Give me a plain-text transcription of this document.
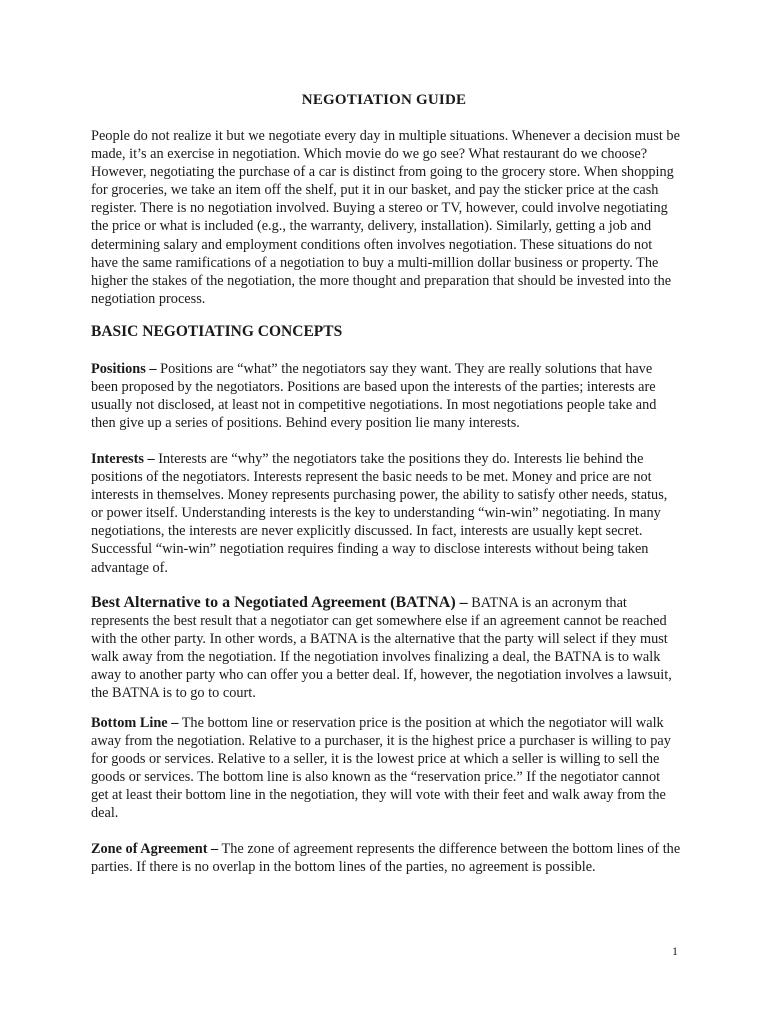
NEGOTIATION GUIDE

People do not realize it but we negotiate every day in multiple situations. Whenever a decision must be made, it’s an exercise in negotiation. Which movie do we go see? What restaurant do we choose? However, negotiating the purchase of a car is distinct from going to the grocery store. When shopping for groceries, we take an item off the shelf, put it in our basket, and pay the sticker price at the cash register. There is no negotiation involved. Buying a stereo or TV, however, could involve negotiating the price or what is included (e.g., the warranty, delivery, installation). Similarly, getting a job and determining salary and employment conditions often involves negotiation. These situations do not have the same ramifications of a negotiation to buy a multi-million dollar business or property. The higher the stakes of the negotiation, the more thought and preparation that should be invested into the negotiation process.

BASIC NEGOTIATING CONCEPTS

Positions – Positions are “what” the negotiators say they want. They are really solutions that have been proposed by the negotiators. Positions are based upon the interests of the parties; interests are usually not disclosed, at least not in competitive negotiations. In most negotiations people take and then give up a series of positions. Behind every position lie many interests.

Interests – Interests are “why” the negotiators take the positions they do. Interests lie behind the positions of the negotiators. Interests represent the basic needs to be met. Money and price are not interests in themselves. Money represents purchasing power, the ability to satisfy other needs, status, or power itself. Understanding interests is the key to understanding “win-win” negotiating. In many negotiations, the interests are never explicitly discussed. In fact, interests are usually kept secret. Successful “win-win” negotiation requires finding a way to disclose interests without being taken advantage of.

Best Alternative to a Negotiated Agreement (BATNA) – BATNA is an acronym that represents the best result that a negotiator can get somewhere else if an agreement cannot be reached with the other party. In other words, a BATNA is the alternative that the party will select if they must walk away from the negotiation. If the negotiation involves finalizing a deal, the BATNA is to walk away to another party who can offer you a better deal. If, however, the negotiation involves a lawsuit, the BATNA is to go to court.

Bottom Line – The bottom line or reservation price is the position at which the negotiator will walk away from the negotiation. Relative to a purchaser, it is the highest price a purchaser is willing to pay for goods or services. Relative to a seller, it is the lowest price at which a seller is willing to sell the goods or services. The bottom line is also known as the “reservation price.” If the negotiator cannot get at least their bottom line in the negotiation, they will vote with their feet and walk away from the deal.

Zone of Agreement – The zone of agreement represents the difference between the bottom lines of the parties. If there is no overlap in the bottom lines of the parties, no agreement is possible.

1
